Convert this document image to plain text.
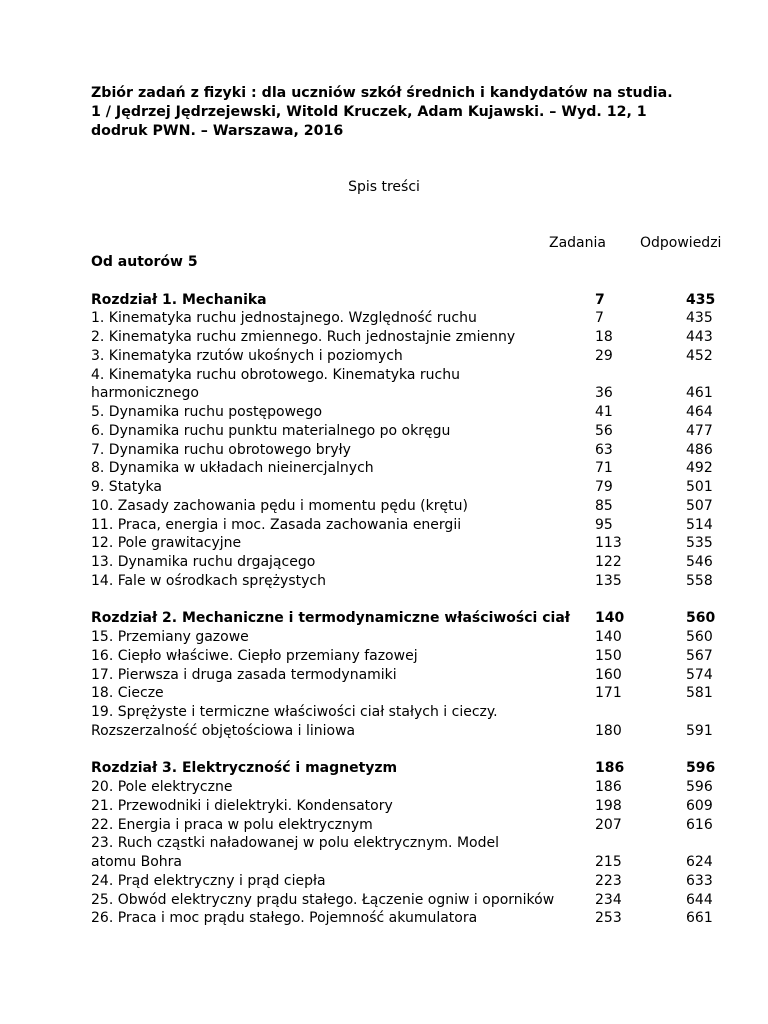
Zbiór zadań z fizyki : dla uczniów szkół średnich i kandydatów na studia.
1 / Jędrzej Jędrzejewski, Witold Kruczek, Adam Kujawski. – Wyd. 12, 1
dodruk PWN. – Warszawa, 2016
Spis treści
Zadania Odpowiedzi
Od autorów 5
Rozdział 1. Mechanika	7	435
1. Kinematyka ruchu jednostajnego. Względność ruchu	7	435
2. Kinematyka ruchu zmiennego. Ruch jednostajnie zmienny	18	443
3. Kinematyka rzutów ukośnych i poziomych	29	452
4. Kinematyka ruchu obrotowego. Kinematyka ruchu
harmonicznego	36	461
5. Dynamika ruchu postępowego	41	464
6. Dynamika ruchu punktu materialnego po okręgu	56	477
7. Dynamika ruchu obrotowego bryły	63	486
8. Dynamika w układach nieinercjalnych	71	492
9. Statyka	79	501
10. Zasady zachowania pędu i momentu pędu (krętu)	85	507
11. Praca, energia i moc. Zasada zachowania energii	95	514
12. Pole grawitacyjne	113	535
13. Dynamika ruchu drgającego	122	546
14. Fale w ośrodkach sprężystych	135	558
Rozdział 2. Mechaniczne i termodynamiczne właściwości ciał 140	560
15. Przemiany gazowe	140	560
16. Ciepło właściwe. Ciepło przemiany fazowej	150	567
17. Pierwsza i druga zasada termodynamiki	160	574
18. Ciecze	171	581
19. Sprężyste i termiczne właściwości ciał stałych i cieczy.
Rozszerzalność objętościowa i liniowa	180	591
Rozdział 3. Elektryczność i magnetyzm	186	596
20. Pole elektryczne	186	596
21. Przewodniki i dielektryki. Kondensatory	198	609
22. Energia i praca w polu elektrycznym	207	616
23. Ruch cząstki naładowanej w polu elektrycznym. Model
atomu Bohra	215	624
24. Prąd elektryczny i prąd ciepła	223	633
25. Obwód elektryczny prądu stałego. Łączenie ogniw i oporników	234	644
26. Praca i moc prądu stałego. Pojemność akumulatora	253	661
